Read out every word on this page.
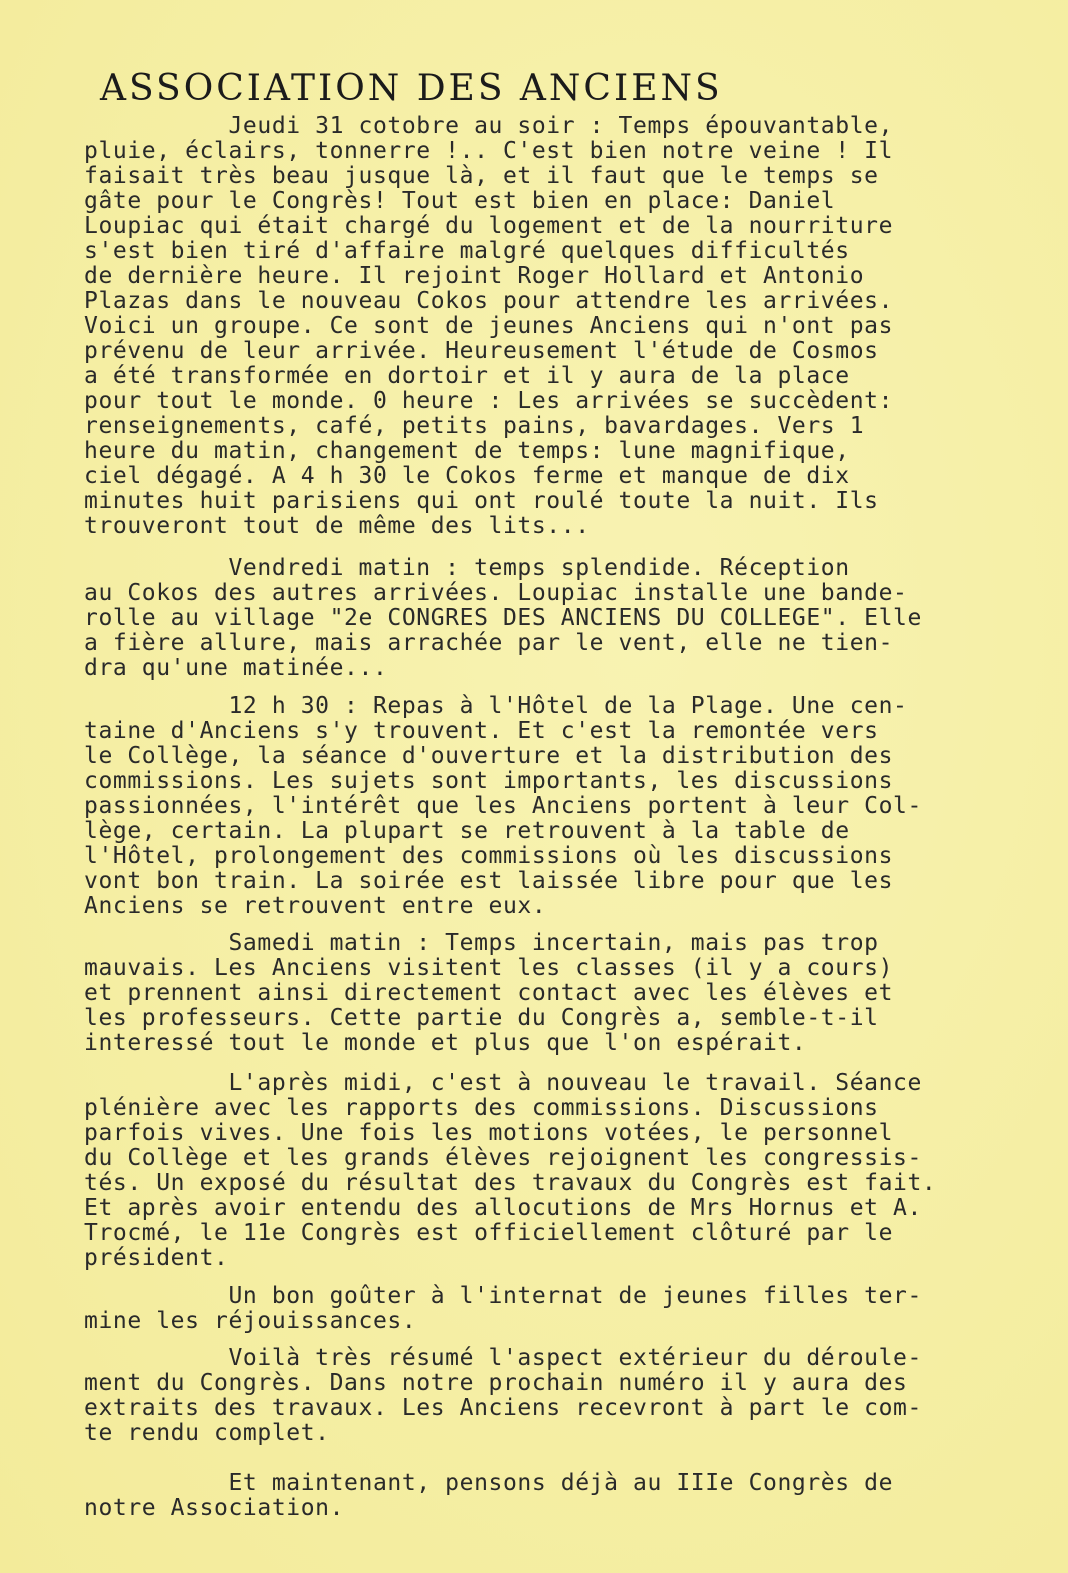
ASSOCIATION DES ANCIENS
Jeudi 31 cotobre au soir : Temps épouvantable,
pluie, éclairs, tonnerre !.. C'est bien notre veine ! Il
faisait très beau jusque là, et il faut que le temps se
gâte pour le Congrès! Tout est bien en place: Daniel
Loupiac qui était chargé du logement et de la nourriture
s'est bien tiré d'affaire malgré quelques difficultés
de dernière heure. Il rejoint Roger Hollard et Antonio
Plazas dans le nouveau Cokos pour attendre les arrivées.
Voici un groupe. Ce sont de jeunes Anciens qui n'ont pas
prévenu de leur arrivée. Heureusement l'étude de Cosmos
a été transformée en dortoir et il y aura de la place
pour tout le monde. 0 heure : Les arrivées se succèdent:
renseignements, café, petits pains, bavardages. Vers 1
heure du matin, changement de temps: lune magnifique,
ciel dégagé. A 4 h 30 le Cokos ferme et manque de dix
minutes huit parisiens qui ont roulé toute la nuit. Ils
trouveront tout de même des lits...
Vendredi matin : temps splendide. Réception
au Cokos des autres arrivées. Loupiac installe une bande-
rolle au village "2e CONGRES DES ANCIENS DU COLLEGE". Elle
a fière allure, mais arrachée par le vent, elle ne tien-
dra qu'une matinée...
12 h 30 : Repas à l'Hôtel de la Plage. Une cen-
taine d'Anciens s'y trouvent. Et c'est la remontée vers
le Collège, la séance d'ouverture et la distribution des
commissions. Les sujets sont importants, les discussions
passionnées, l'intérêt que les Anciens portent à leur Col-
lège, certain. La plupart se retrouvent à la table de
l'Hôtel, prolongement des commissions où les discussions
vont bon train. La soirée est laissée libre pour que les
Anciens se retrouvent entre eux.
Samedi matin : Temps incertain, mais pas trop
mauvais. Les Anciens visitent les classes (il y a cours)
et prennent ainsi directement contact avec les élèves et
les professeurs. Cette partie du Congrès a, semble-t-il
interessé tout le monde et plus que l'on espérait.
L'après midi, c'est à nouveau le travail. Séance
plénière avec les rapports des commissions. Discussions
parfois vives. Une fois les motions votées, le personnel
du Collège et les grands élèves rejoignent les congressis-
tés. Un exposé du résultat des travaux du Congrès est fait.
Et après avoir entendu des allocutions de Mrs Hornus et A.
Trocmé, le 11e Congrès est officiellement clôturé par le
président.
Un bon goûter à l'internat de jeunes filles ter-
mine les réjouissances.
Voilà très résumé l'aspect extérieur du déroule-
ment du Congrès. Dans notre prochain numéro il y aura des
extraits des travaux. Les Anciens recevront à part le com-
te rendu complet.
Et maintenant, pensons déjà au IIIe Congrès de
notre Association.
